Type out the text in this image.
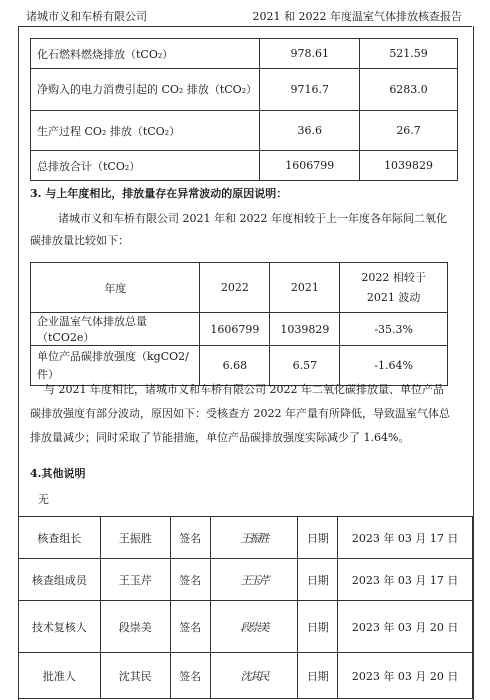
诸城市义和车桥有限公司	2021 和 2022 年度温室气体排放核查报告
化石燃料燃烧排放（tCO₂）	978.61	521.59
净购入的电力消费引起的 CO₂ 排放（tCO₂）	9716.7	6283.0
生产过程 CO₂ 排放（tCO₂）	36.6	26.7
总排放合计（tCO₂）	1606799	1039829
3. 与上年度相比，排放量存在异常波动的原因说明：
诸城市义和车桥有限公司 2021 年和 2022 年度相较于上一年度各年际间二氧化碳排放量比较如下：
年度	2022	2021	2022 相较于 2021 波动
企业温室气体排放总量（tCO2e）	1606799	1039829	-35.3%
单位产品碳排放强度（kgCO2/件）	6.68	6.57	-1.64%
与 2021 年度相比，诸城市义和车桥有限公司 2022 年二氧化碳排放量、单位产品碳排放强度有部分波动，原因如下：受核查方 2022 年产量有所降低，导致温室气体总排放量减少；同时采取了节能措施，单位产品碳排放强度实际减少了 1.64%。
4.其他说明
无
核查组长	王振胜	签名	王振胜	日期	2023 年 03 月 17 日
核查组成员	王玉芹	签名	王玉芹	日期	2023 年 03 月 17 日
技术复核人	段崇美	签名	段崇美	日期	2023 年 03 月 20 日
批准人	沈其民	签名	沈其民	日期	2023 年 03 月 20 日
